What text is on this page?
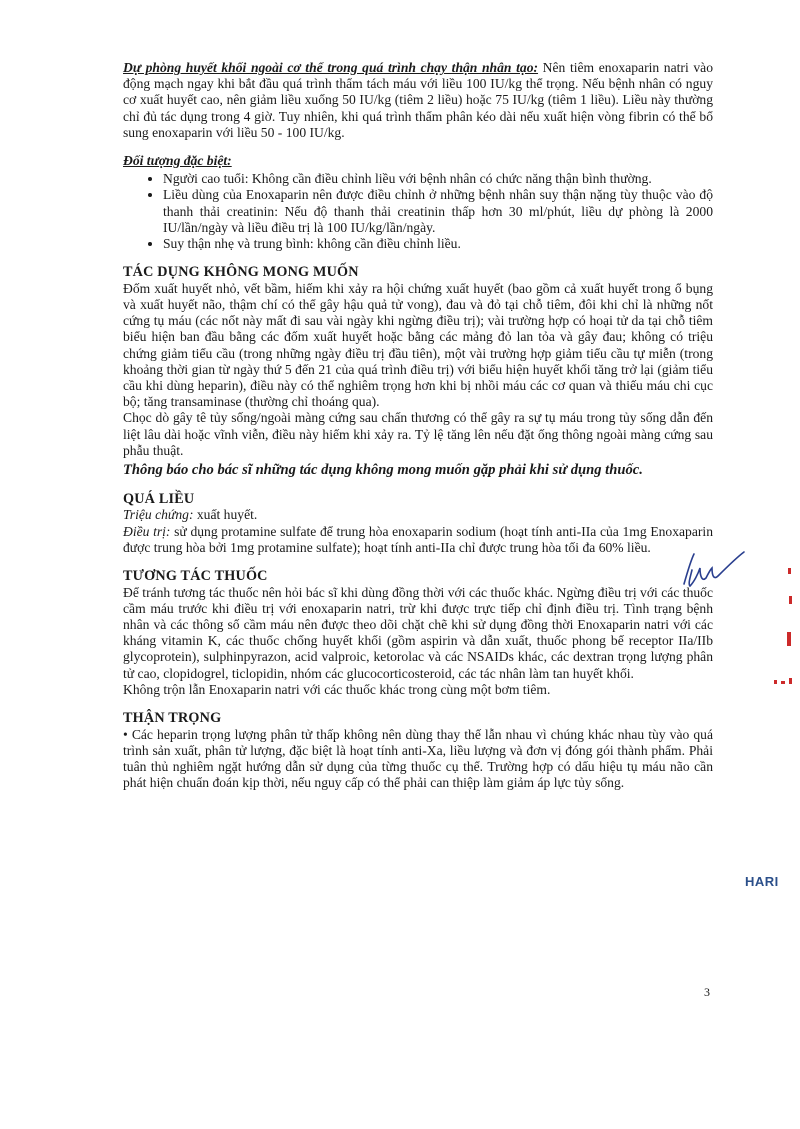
Dự phòng huyết khối ngoài cơ thể trong quá trình chạy thận nhân tạo: Nên tiêm enoxaparin natri vào động mạch ngay khi bắt đầu quá trình thẩm tách máu với liều 100 IU/kg thể trọng. Nếu bệnh nhân có nguy cơ xuất huyết cao, nên giảm liều xuống 50 IU/kg (tiêm 2 liều) hoặc 75 IU/kg (tiêm 1 liều). Liều này thường chỉ đủ tác dụng trong 4 giờ. Tuy nhiên, khi quá trình thẩm phân kéo dài nếu xuất hiện vòng fibrin có thể bổ sung enoxaparin với liều 50 - 100 IU/kg.

Đối tượng đặc biệt:

• Người cao tuổi: Không cần điều chỉnh liều với bệnh nhân có chức năng thận bình thường.
• Liều dùng của Enoxaparin nên được điều chỉnh ở những bệnh nhân suy thận nặng tùy thuộc vào độ thanh thải creatinin: Nếu độ thanh thải creatinin thấp hơn 30 ml/phút, liều dự phòng là 2000 IU/lần/ngày và liều điều trị là 100 IU/kg/lần/ngày.
• Suy thận nhẹ và trung bình: không cần điều chỉnh liều.
TÁC DỤNG KHÔNG MONG MUỐN

Đốm xuất huyết nhỏ, vết bầm, hiếm khi xảy ra hội chứng xuất huyết (bao gồm cả xuất huyết trong ổ bụng và xuất huyết não, thậm chí có thể gây hậu quả tử vong), đau và đỏ tại chỗ tiêm, đôi khi chỉ là những nốt cứng tụ máu (các nốt này mất đi sau vài ngày khi ngừng điều trị); vài trường hợp có hoại tử da tại chỗ tiêm biểu hiện ban đầu bằng các đốm xuất huyết hoặc bằng các mảng đỏ lan tỏa và gây đau; không có triệu chứng giảm tiểu cầu (trong những ngày điều trị đầu tiên), một vài trường hợp giảm tiểu cầu tự miễn (trong khoảng thời gian từ ngày thứ 5 đến 21 của quá trình điều trị) với biểu hiện huyết khối tăng trở lại (giảm tiểu cầu khi dùng heparin), điều này có thể nghiêm trọng hơn khi bị nhồi máu các cơ quan và thiếu máu chi cục bộ; tăng transaminase (thường chỉ thoáng qua).

Chọc dò gây tê tủy sống/ngoài màng cứng sau chấn thương có thể gây ra sự tụ máu trong tủy sống dẫn đến liệt lâu dài hoặc vĩnh viễn, điều này hiếm khi xảy ra. Tỷ lệ tăng lên nếu đặt ống thông ngoài màng cứng sau phẫu thuật.

Thông báo cho bác sĩ những tác dụng không mong muốn gặp phải khi sử dụng thuốc.

QUÁ LIỀU

Triệu chứng: xuất huyết.

Điều trị: sử dụng protamine sulfate để trung hòa enoxaparin sodium (hoạt tính anti-IIa của 1mg Enoxaparin được trung hòa bởi 1mg protamine sulfate); hoạt tính anti-IIa chỉ được trung hòa tối đa 60% liều.

TƯƠNG TÁC THUỐC

Để tránh tương tác thuốc nên hỏi bác sĩ khi dùng đồng thời với các thuốc khác. Ngừng điều trị với các thuốc cầm máu trước khi điều trị với enoxaparin natri, trừ khi được trực tiếp chỉ định điều trị. Tình trạng bệnh nhân và các thông số cầm máu nên được theo dõi chặt chẽ khi sử dụng đồng thời Enoxaparin natri với các kháng vitamin K, các thuốc chống huyết khối (gồm aspirin và dẫn xuất, thuốc phong bế receptor IIa/IIb glycoprotein), sulphinpyrazon, acid valproic, ketorolac và các NSAIDs khác, các dextran trọng lượng phân tử cao, clopidogrel, ticlopidin, nhóm các glucocorticosteroid, các tác nhân làm tan huyết khối.

Không trộn lẫn Enoxaparin natri với các thuốc khác trong cùng một bơm tiêm.

THẬN TRỌNG

• Các heparin trọng lượng phân tử thấp không nên dùng thay thế lẫn nhau vì chúng khác nhau tùy vào quá trình sản xuất, phân tử lượng, đặc biệt là hoạt tính anti-Xa, liều lượng và đơn vị đóng gói thành phẩm. Phải tuân thủ nghiêm ngặt hướng dẫn sử dụng của từng thuốc cụ thể. Trường hợp có dấu hiệu tụ máu não cần phát hiện chuẩn đoán kịp thời, nếu nguy cấp có thể phải can thiệp làm giảm áp lực tủy sống.

HARI
3
